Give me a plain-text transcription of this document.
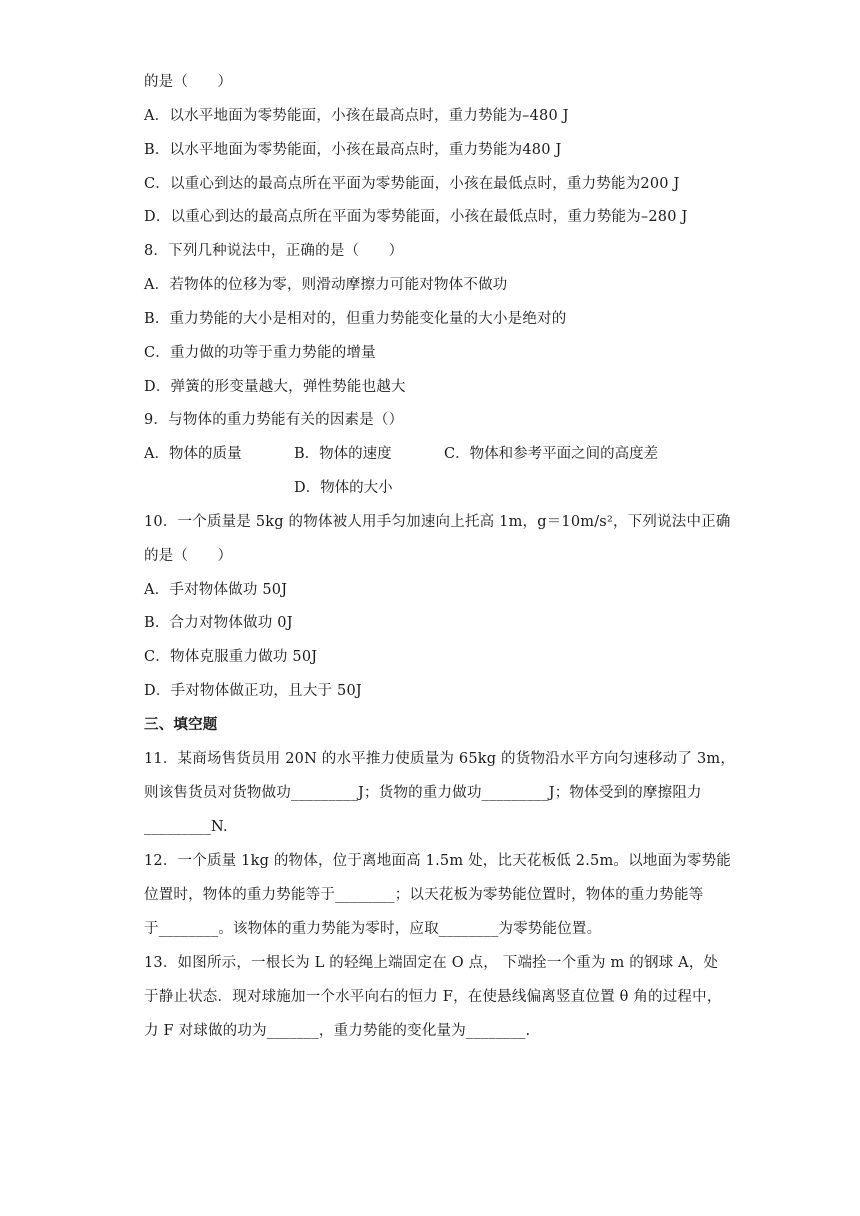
的是（　　）
A．以水平地面为零势能面，小孩在最高点时，重力势能为–480 J
B．以水平地面为零势能面，小孩在最高点时，重力势能为480 J
C．以重心到达的最高点所在平面为零势能面，小孩在最低点时，重力势能为200 J
D．以重心到达的最高点所在平面为零势能面，小孩在最低点时，重力势能为–280 J
8．下列几种说法中，正确的是（　　）
A．若物体的位移为零，则滑动摩擦力可能对物体不做功
B．重力势能的大小是相对的，但重力势能变化量的大小是绝对的
C．重力做的功等于重力势能的增量
D．弹簧的形变量越大，弹性势能也越大
9．与物体的重力势能有关的因素是（）
A．物体的质量	B．物体的速度	C．物体和参考平面之间的高度差
D．物体的大小
10．一个质量是 5kg 的物体被人用手匀加速向上托高 1m，g＝10m/s²，下列说法中正确
的是（　　）
A．手对物体做功 50J
B．合力对物体做功 0J
C．物体克服重力做功 50J
D．手对物体做正功，且大于 50J
三、填空题
11．某商场售货员用 20N 的水平推力使质量为 65kg 的货物沿水平方向匀速移动了 3m，
则该售货员对货物做功_________J；货物的重力做功_________J；物体受到的摩擦阻力
_________N.
12．一个质量 1kg 的物体，位于离地面高 1.5m 处，比天花板低 2.5m。以地面为零势能
位置时，物体的重力势能等于________；以天花板为零势能位置时，物体的重力势能等
于________。该物体的重力势能为零时，应取________为零势能位置。
13．如图所示，一根长为 L 的轻绳上端固定在 O 点， 下端拴一个重为 m 的钢球 A，处
于静止状态．现对球施加一个水平向右的恒力 F，在使悬线偏离竖直位置 θ 角的过程中，
力 F 对球做的功为_______，重力势能的变化量为________.
